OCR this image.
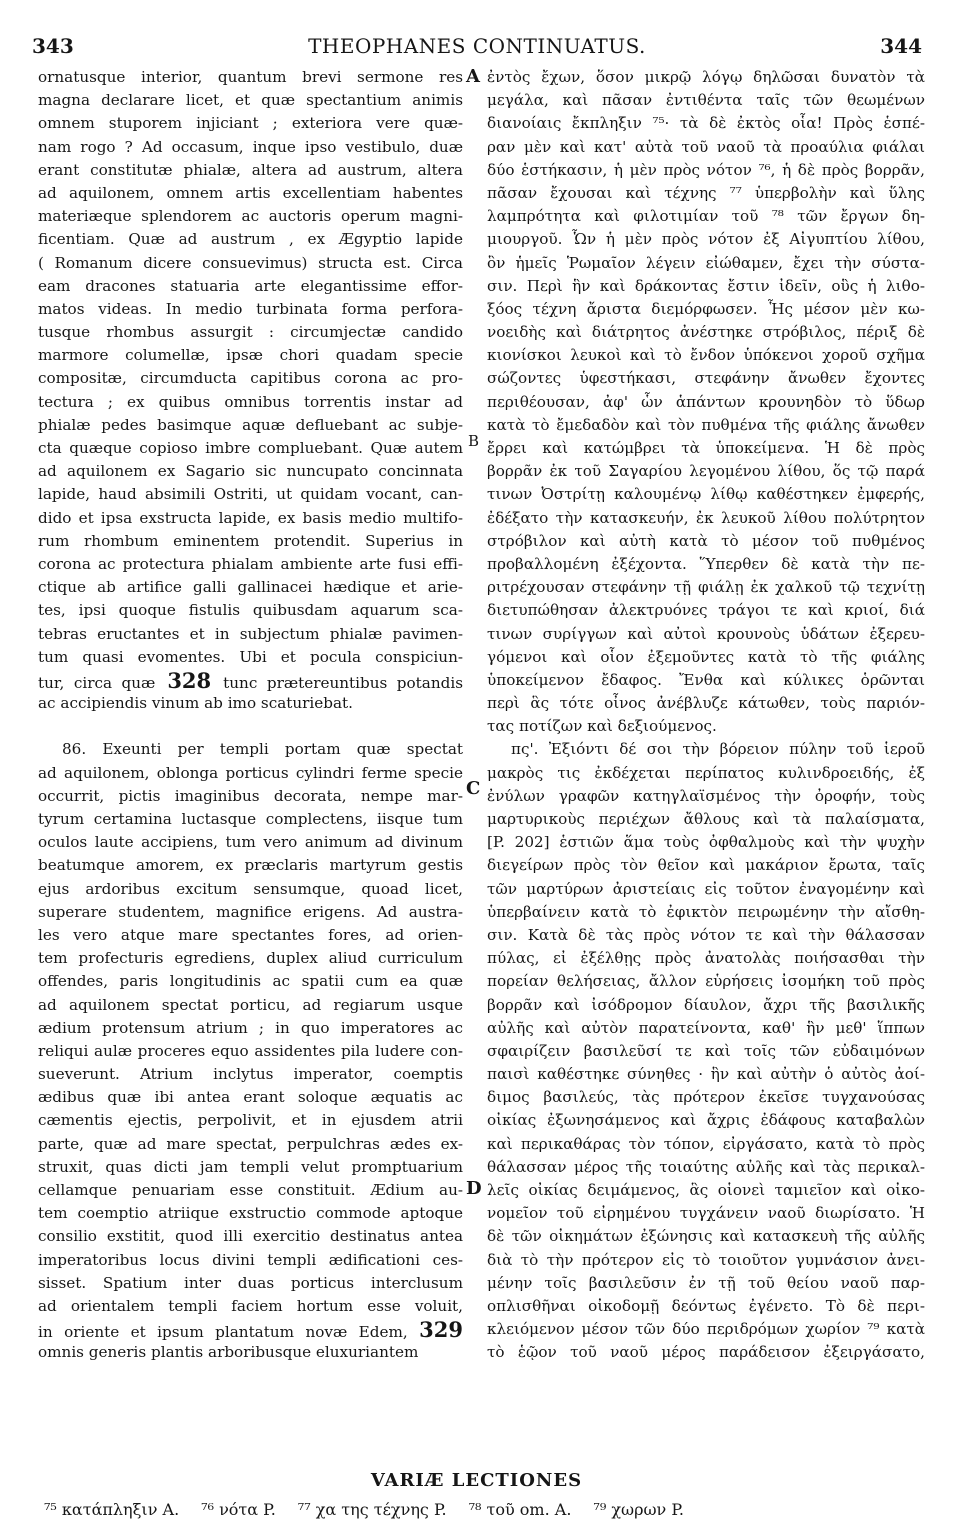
343	THEOPHANES CONTINUATUS.	344
ornatusque interior, quantum brevi sermone res
magna declarare licet, et quæ spectantium animis
omnem stuporem injiciant ; exteriora vere quæ-
nam rogo ? Ad occasum, inque ipso vestibulo, duæ
erant constitutæ phialæ, altera ad austrum, altera
ad aquilonem, omnem artis excellentiam habentes
materiæque splendorem ac auctoris operum magni-
ficentiam. Quæ ad austrum , ex Ægyptio lapide
( Romanum dicere consuevimus) structa est. Circa
eam dracones statuaria arte elegantissime effor-
matos videas. In medio turbinata forma perfora-
tusque rhombus assurgit : circumjectæ candido
marmore columellæ, ipsæ chori quadam specie
compositæ, circumducta capitibus corona ac pro-
tectura ; ex quibus omnibus torrentis instar ad
phialæ pedes basimque aquæ defluebant ac subje-
cta quæque copioso imbre compluebant. Quæ autem
ad aquilonem ex Sagario sic nuncupato concinnata
lapide, haud absimili Ostriti, ut quidam vocant, can-
dido et ipsa exstructa lapide, ex basis medio multifo-
rum rhombum eminentem protendit. Superius in
corona ac protectura phialam ambiente arte fusi effi-
ctique ab artifice galli gallinacei hædique et arie-
tes, ipsi quoque fistulis quibusdam aquarum sca-
tebras eructantes et in subjectum phialæ pavimen-
tum quasi evomentes. Ubi et pocula conspiciun-
tur, circa quæ 328 tunc prætereuntibus potandis
ac accipiendis vinum ab imo scaturiebat.
86. Exeunti per templi portam quæ spectat
ad aquilonem, oblonga porticus cylindri ferme specie
occurrit, pictis imaginibus decorata, nempe mar-
tyrum certamina luctasque complectens, iisque tum
oculos laute accipiens, tum vero animum ad divinum
beatumque amorem, ex præclaris martyrum gestis
ejus ardoribus excitum sensumque, quoad licet,
superare studentem, magnifice erigens. Ad austra-
les vero atque mare spectantes fores, ad orien-
tem profecturis egrediens, duplex aliud curriculum
offendes, paris longitudinis ac spatii cum ea quæ
ad aquilonem spectat porticu, ad regiarum usque
ædium protensum atrium ; in quo imperatores ac
reliqui aulæ proceres equo assidentes pila ludere con-
sueverunt. Atrium inclytus imperator, coemptis
ædibus quæ ibi antea erant soloque æquatis ac
cæmentis ejectis, perpolivit, et in ejusdem atrii
parte, quæ ad mare spectat, perpulchras ædes ex-
struxit, quas dicti jam templi velut promptuarium
cellamque penuariam esse constituit. Ædium au-
tem coemptio atriique exstructio commode aptoque
consilio exstitit, quod illi exercitio destinatus antea
imperatoribus locus divini templi ædificationi ces-
sisset. Spatium inter duas porticus interclusum
ad orientalem templi faciem hortum esse voluit,
in oriente et ipsum plantatum novæ Edem, 329
omnis generis plantis arboribusque eluxuriantem
ἐντὸς ἔχων, ὅσον μικρῷ λόγῳ δηλῶσαι δυνατὸν τὰ
μεγάλα, καὶ πᾶσαν ἐντιθέντα ταῖς τῶν θεωμένων
διανοίαις ἔκπληξιν ⁷⁵· τὰ δὲ ἐκτὸς οἷα! Πρὸς ἑσπέ-
ραν μὲν καὶ κατ' αὐτὰ τοῦ ναοῦ τὰ προαύλια φιάλαι
δύο ἑστήκασιν, ἡ μὲν πρὸς νότον ⁷⁶, ἡ δὲ πρὸς βορρᾶν,
πᾶσαν ἔχουσαι καὶ τέχνης ⁷⁷ ὑπερβολὴν καὶ ὕλης
λαμπρότητα καὶ φιλοτιμίαν τοῦ ⁷⁸ τῶν ἔργων δη-
μιουργοῦ. Ὧν ἡ μὲν πρὸς νότον ἐξ Αἰγυπτίου λίθου,
ὃν ἡμεῖς Ῥωμαῖον λέγειν εἰώθαμεν, ἔχει τὴν σύστα-
σιν. Περὶ ἣν καὶ δράκοντας ἔστιν ἰδεῖν, οὓς ἡ λιθο-
ξόος τέχνη ἄριστα διεμόρφωσεν. Ἧς μέσον μὲν κω-
νοειδὴς καὶ διάτρητος ἀνέστηκε στρόβιλος, πέριξ δὲ
κιονίσκοι λευκοὶ καὶ τὸ ἔνδον ὑπόκενοι χοροῦ σχῆμα
σώζοντες ὑφεστήκασι, στεφάνην ἄνωθεν ἔχοντες
περιθέουσαν, ἀφ' ὧν ἁπάντων κρουνηδὸν τὸ ὕδωρ
κατὰ τὸ ἔμεδαδὸν καὶ τὸν πυθμένα τῆς φιάλης ἄνωθεν
ἔρρει καὶ κατώμβρει τὰ ὑποκείμενα. Ἡ δὲ πρὸς
βορρᾶν ἐκ τοῦ Σαγαρίου λεγομένου λίθου, ὅς τῷ παρά
τινων Ὀστρίτῃ καλουμένῳ λίθῳ καθέστηκεν ἐμφερής,
ἐδέξατο τὴν κατασκευήν, ἐκ λευκοῦ λίθου πολύτρητον
στρόβιλον καὶ αὐτὴ κατὰ τὸ μέσον τοῦ πυθμένος
προβαλλομένη ἐξέχοντα. Ὕπερθεν δὲ κατὰ τὴν πε-
ριτρέχουσαν στεφάνην τῇ φιάλῃ ἐκ χαλκοῦ τῷ τεχνίτῃ
διετυπώθησαν ἀλεκτρυόνες τράγοι τε καὶ κριοί, διά
τινων συρίγγων καὶ αὐτοὶ κρουνοὺς ὑδάτων ἐξερευ-
γόμενοι καὶ οἷον ἐξεμοῦντες κατὰ τὸ τῆς φιάλης
ὑποκείμενον ἔδαφος. Ἔνθα καὶ κύλικες ὁρῶνται
περὶ ἃς τότε οἶνος ἀνέβλυζε κάτωθεν, τοὺς παριόν-
τας ποτίζων καὶ δεξιούμενος.
πς'. Ἐξιόντι δέ σοι τὴν βόρειον πύλην τοῦ ἱεροῦ
μακρὸς τις ἐκδέχεται περίπατος κυλινδροειδής, ἐξ
ἐνύλων γραφῶν κατηγλαϊσμένος τὴν ὀροφήν, τοὺς
μαρτυρικοὺς περιέχων ἄθλους καὶ τὰ παλαίσματα,
[P. 202] ἑστιῶν ἅμα τοὺς ὀφθαλμοὺς καὶ τὴν ψυχὴν
διεγείρων πρὸς τὸν θεῖον καὶ μακάριον ἔρωτα, ταῖς
τῶν μαρτύρων ἀριστείαις εἰς τοῦτον ἐναγομένην καὶ
ὑπερβαίνειν κατὰ τὸ ἐφικτὸν πειρωμένην τὴν αἴσθη-
σιν. Κατὰ δὲ τὰς πρὸς νότον τε καὶ τὴν θάλασσαν
πύλας, εἰ ἐξέλθῃς πρὸς ἀνατολὰς ποιήσασθαι τὴν
πορείαν θελήσειας, ἄλλον εὑρήσεις ἰσομήκη τοῦ πρὸς
βορρᾶν καὶ ἰσόδρομον δίαυλον, ἄχρι τῆς βασιλικῆς
αὐλῆς καὶ αὐτὸν παρατείνοντα, καθ' ἣν μεθ' ἵππων
σφαιρίζειν βασιλεῦσί τε καὶ τοῖς τῶν εὐδαιμόνων
παισὶ καθέστηκε σύνηθες · ἣν καὶ αὐτὴν ὁ αὐτὸς ἀοί-
διμος βασιλεύς, τὰς πρότερον ἐκεῖσε τυγχανούσας
οἰκίας ἐξωνησάμενος καὶ ἄχρις ἐδάφους καταβαλὼν
καὶ περικαθάρας τὸν τόπον, εἰργάσατο, κατὰ τὸ πρὸς
θάλασσαν μέρος τῆς τοιαύτης αὐλῆς καὶ τὰς περικαλ-
λεῖς οἰκίας δειμάμενος, ἃς οἱονεὶ ταμιεῖον καὶ οἰκο-
νομεῖον τοῦ εἰρημένου τυγχάνειν ναοῦ διωρίσατο. Ἡ
δὲ τῶν οἰκημάτων ἐξώνησις καὶ κατασκευὴ τῆς αὐλῆς
διὰ τὸ τὴν πρότερον εἰς τὸ τοιοῦτον γυμνάσιον ἀνει-
μένην τοῖς βασιλεῦσιν ἐν τῇ τοῦ θείου ναοῦ παρ-
οπλισθῆναι οἰκοδομῇ δεόντως ἐγένετο. Τὸ δὲ περι-
κλειόμενον μέσον τῶν δύο περιδρόμων χωρίον ⁷⁹ κατὰ
τὸ ἑῷον τοῦ ναοῦ μέρος παράδεισον ἐξειργάσατο,
A
B
C
D
VARIÆ LECTIONES
⁷⁵ κατάπληξιν A. ⁷⁶ νότα P. ⁷⁷ χα της τέχνης P. ⁷⁸ τοῦ om. A. ⁷⁹ χωρων P.
